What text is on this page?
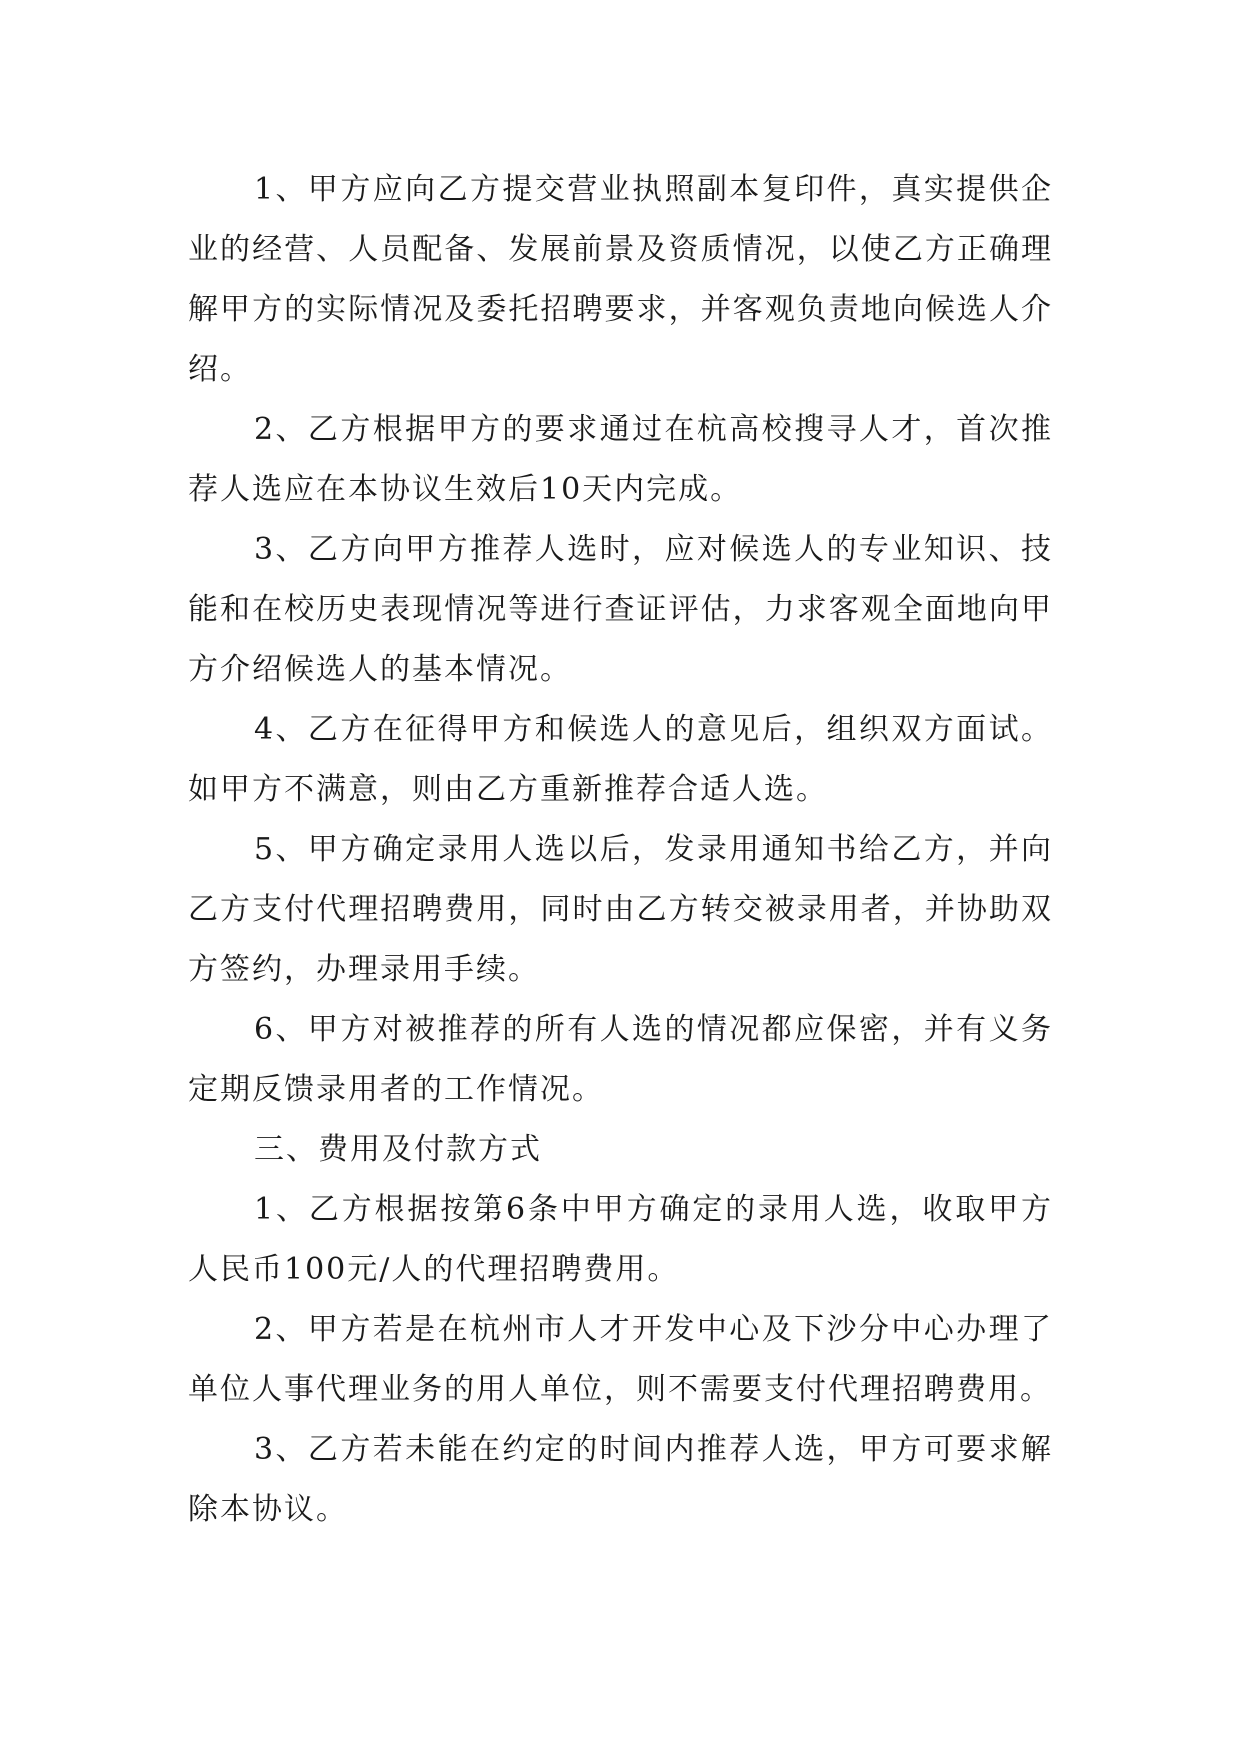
1、甲方应向乙方提交营业执照副本复印件，真实提供企业的经营、人员配备、发展前景及资质情况，以使乙方正确理解甲方的实际情况及委托招聘要求，并客观负责地向候选人介绍。

2、乙方根据甲方的要求通过在杭高校搜寻人才，首次推荐人选应在本协议生效后10天内完成。

3、乙方向甲方推荐人选时，应对候选人的专业知识、技能和在校历史表现情况等进行查证评估，力求客观全面地向甲方介绍候选人的基本情况。

4、乙方在征得甲方和候选人的意见后，组织双方面试。如甲方不满意，则由乙方重新推荐合适人选。

5、甲方确定录用人选以后，发录用通知书给乙方，并向乙方支付代理招聘费用，同时由乙方转交被录用者，并协助双方签约，办理录用手续。

6、甲方对被推荐的所有人选的情况都应保密，并有义务定期反馈录用者的工作情况。

三、费用及付款方式

1、乙方根据按第6条中甲方确定的录用人选，收取甲方人民币100元/人的代理招聘费用。

2、甲方若是在杭州市人才开发中心及下沙分中心办理了单位人事代理业务的用人单位，则不需要支付代理招聘费用。

3、乙方若未能在约定的时间内推荐人选，甲方可要求解除本协议。
